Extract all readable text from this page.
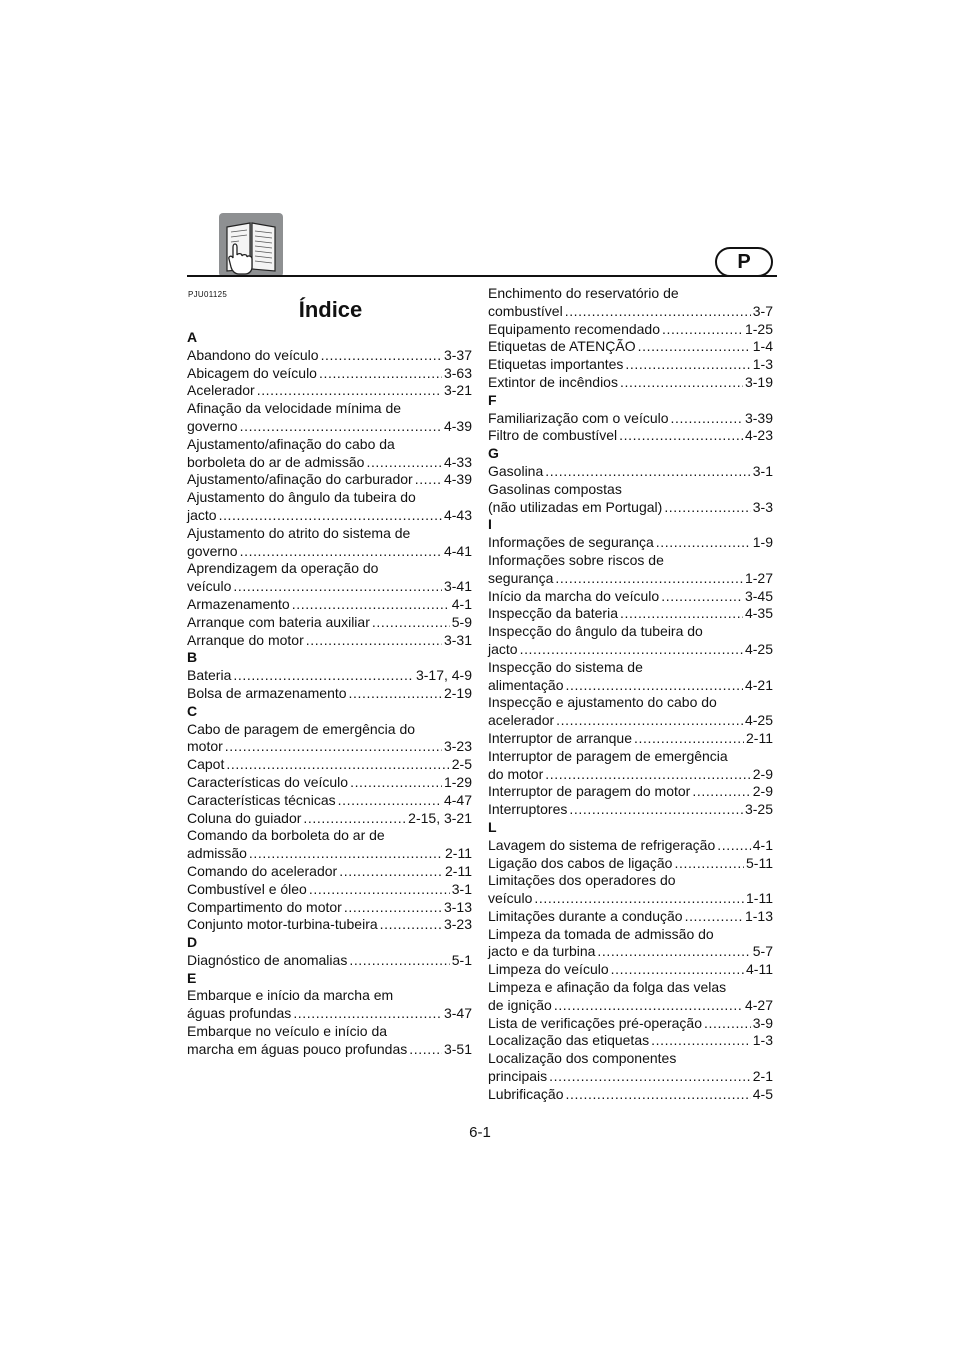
P
PJU01125
Índice
A
Abandono do veículo .....	3-37
Abicagem do veículo .....	3-63
Acelerador .....	3-21
Afinação da velocidade mínima de
governo .....	4-39
Ajustamento/afinação do cabo da
borboleta do ar de admissão .....	4-33
Ajustamento/afinação do carburador ..... 4-39
Ajustamento do ângulo da tubeira do
jacto .....	4-43
Ajustamento do atrito do sistema de
governo .....	4-41
Aprendizagem da operação do
veículo .....	3-41
Armazenamento .....	4-1
Arranque com bateria auxiliar .....	5-9
Arranque do motor .....	3-31
B
Bateria .....	3-17, 4-9
Bolsa de armazenamento .....	2-19
C
Cabo de paragem de emergência do
motor .....	3-23
Capot .....	2-5
Características do veículo .....	1-29
Características técnicas .....	4-47
Coluna do guiador .....	2-15, 3-21
Comando da borboleta do ar de
admissão .....	2-11
Comando do acelerador .....	2-11
Combustível e óleo .....	3-1
Compartimento do motor .....	3-13
Conjunto motor-turbina-tubeira .....	3-23
D
Diagnóstico de anomalias .....	5-1
E
Embarque e início da marcha em
águas profundas .....	3-47
Embarque no veículo e início da
marcha em águas pouco profundas .....	3-51
Enchimento do reservatório de
combustível .....	3-7
Equipamento recomendado .....	1-25
Etiquetas de ATENÇÃO .....	1-4
Etiquetas importantes .....	1-3
Extintor de incêndios .....	3-19
F
Familiarização com o veículo .....	3-39
Filtro de combustível .....	4-23
G
Gasolina .....	3-1
Gasolinas compostas
(não utilizadas em Portugal) .....	3-3
I
Informações de segurança .....	1-9
Informações sobre riscos de
segurança .....	1-27
Início da marcha do veículo .....	3-45
Inspecção da bateria .....	4-35
Inspecção do ângulo da tubeira do
jacto .....	4-25
Inspecção do sistema de
alimentação .....	4-21
Inspecção e ajustamento do cabo do
acelerador .....	4-25
Interruptor de arranque .....	2-11
Interruptor de paragem de emergência
do motor .....	2-9
Interruptor de paragem do motor .....	2-9
Interruptores .....	3-25
L
Lavagem do sistema de refrigeração .....	4-1
Ligação dos cabos de ligação .....	5-11
Limitações dos operadores do
veículo .....	1-11
Limitações durante a condução .....	1-13
Limpeza da tomada de admissão do
jacto e da turbina .....	5-7
Limpeza do veículo .....	4-11
Limpeza e afinação da folga das velas
de ignição .....	4-27
Lista de verificações pré-operação .....	3-9
Localização das etiquetas .....	1-3
Localização dos componentes
principais .....	2-1
Lubrificação .....	4-5
6-1
